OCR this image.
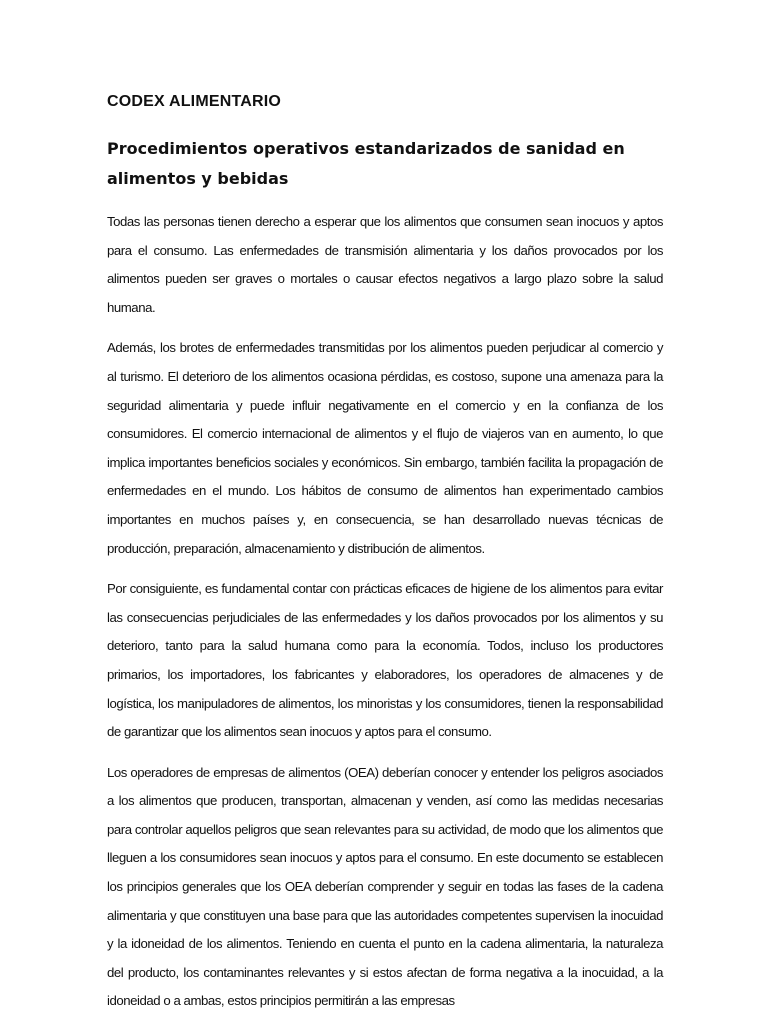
CODEX ALIMENTARIO
Procedimientos operativos estandarizados de sanidad en alimentos y bebidas

Todas las personas tienen derecho a esperar que los alimentos que consumen sean inocuos y aptos para el consumo. Las enfermedades de transmisión alimentaria y los daños provocados por los alimentos pueden ser graves o mortales o causar efectos negativos a largo plazo sobre la salud humana.

Además, los brotes de enfermedades transmitidas por los alimentos pueden perjudicar al comercio y al turismo. El deterioro de los alimentos ocasiona pérdidas, es costoso, supone una amenaza para la seguridad alimentaria y puede influir negativamente en el comercio y en la confianza de los consumidores. El comercio internacional de alimentos y el flujo de viajeros van en aumento, lo que implica importantes beneficios sociales y económicos. Sin embargo, también facilita la propagación de enfermedades en el mundo. Los hábitos de consumo de alimentos han experimentado cambios importantes en muchos países y, en consecuencia, se han desarrollado nuevas técnicas de producción, preparación, almacenamiento y distribución de alimentos.

Por consiguiente, es fundamental contar con prácticas eficaces de higiene de los alimentos para evitar las consecuencias perjudiciales de las enfermedades y los daños provocados por los alimentos y su deterioro, tanto para la salud humana como para la economía. Todos, incluso los productores primarios, los importadores, los fabricantes y elaboradores, los operadores de almacenes y de logística, los manipuladores de alimentos, los minoristas y los consumidores, tienen la responsabilidad de garantizar que los alimentos sean inocuos y aptos para el consumo.

Los operadores de empresas de alimentos (OEA) deberían conocer y entender los peligros asociados a los alimentos que producen, transportan, almacenan y venden, así como las medidas necesarias para controlar aquellos peligros que sean relevantes para su actividad, de modo que los alimentos que lleguen a los consumidores sean inocuos y aptos para el consumo. En este documento se establecen los principios generales que los OEA deberían comprender y seguir en todas las fases de la cadena alimentaria y que constituyen una base para que las autoridades competentes supervisen la inocuidad y la idoneidad de los alimentos. Teniendo en cuenta el punto en la cadena alimentaria, la naturaleza del producto, los contaminantes relevantes y si estos afectan de forma negativa a la inocuidad, a la idoneidad o a ambas, estos principios permitirán a las empresas
